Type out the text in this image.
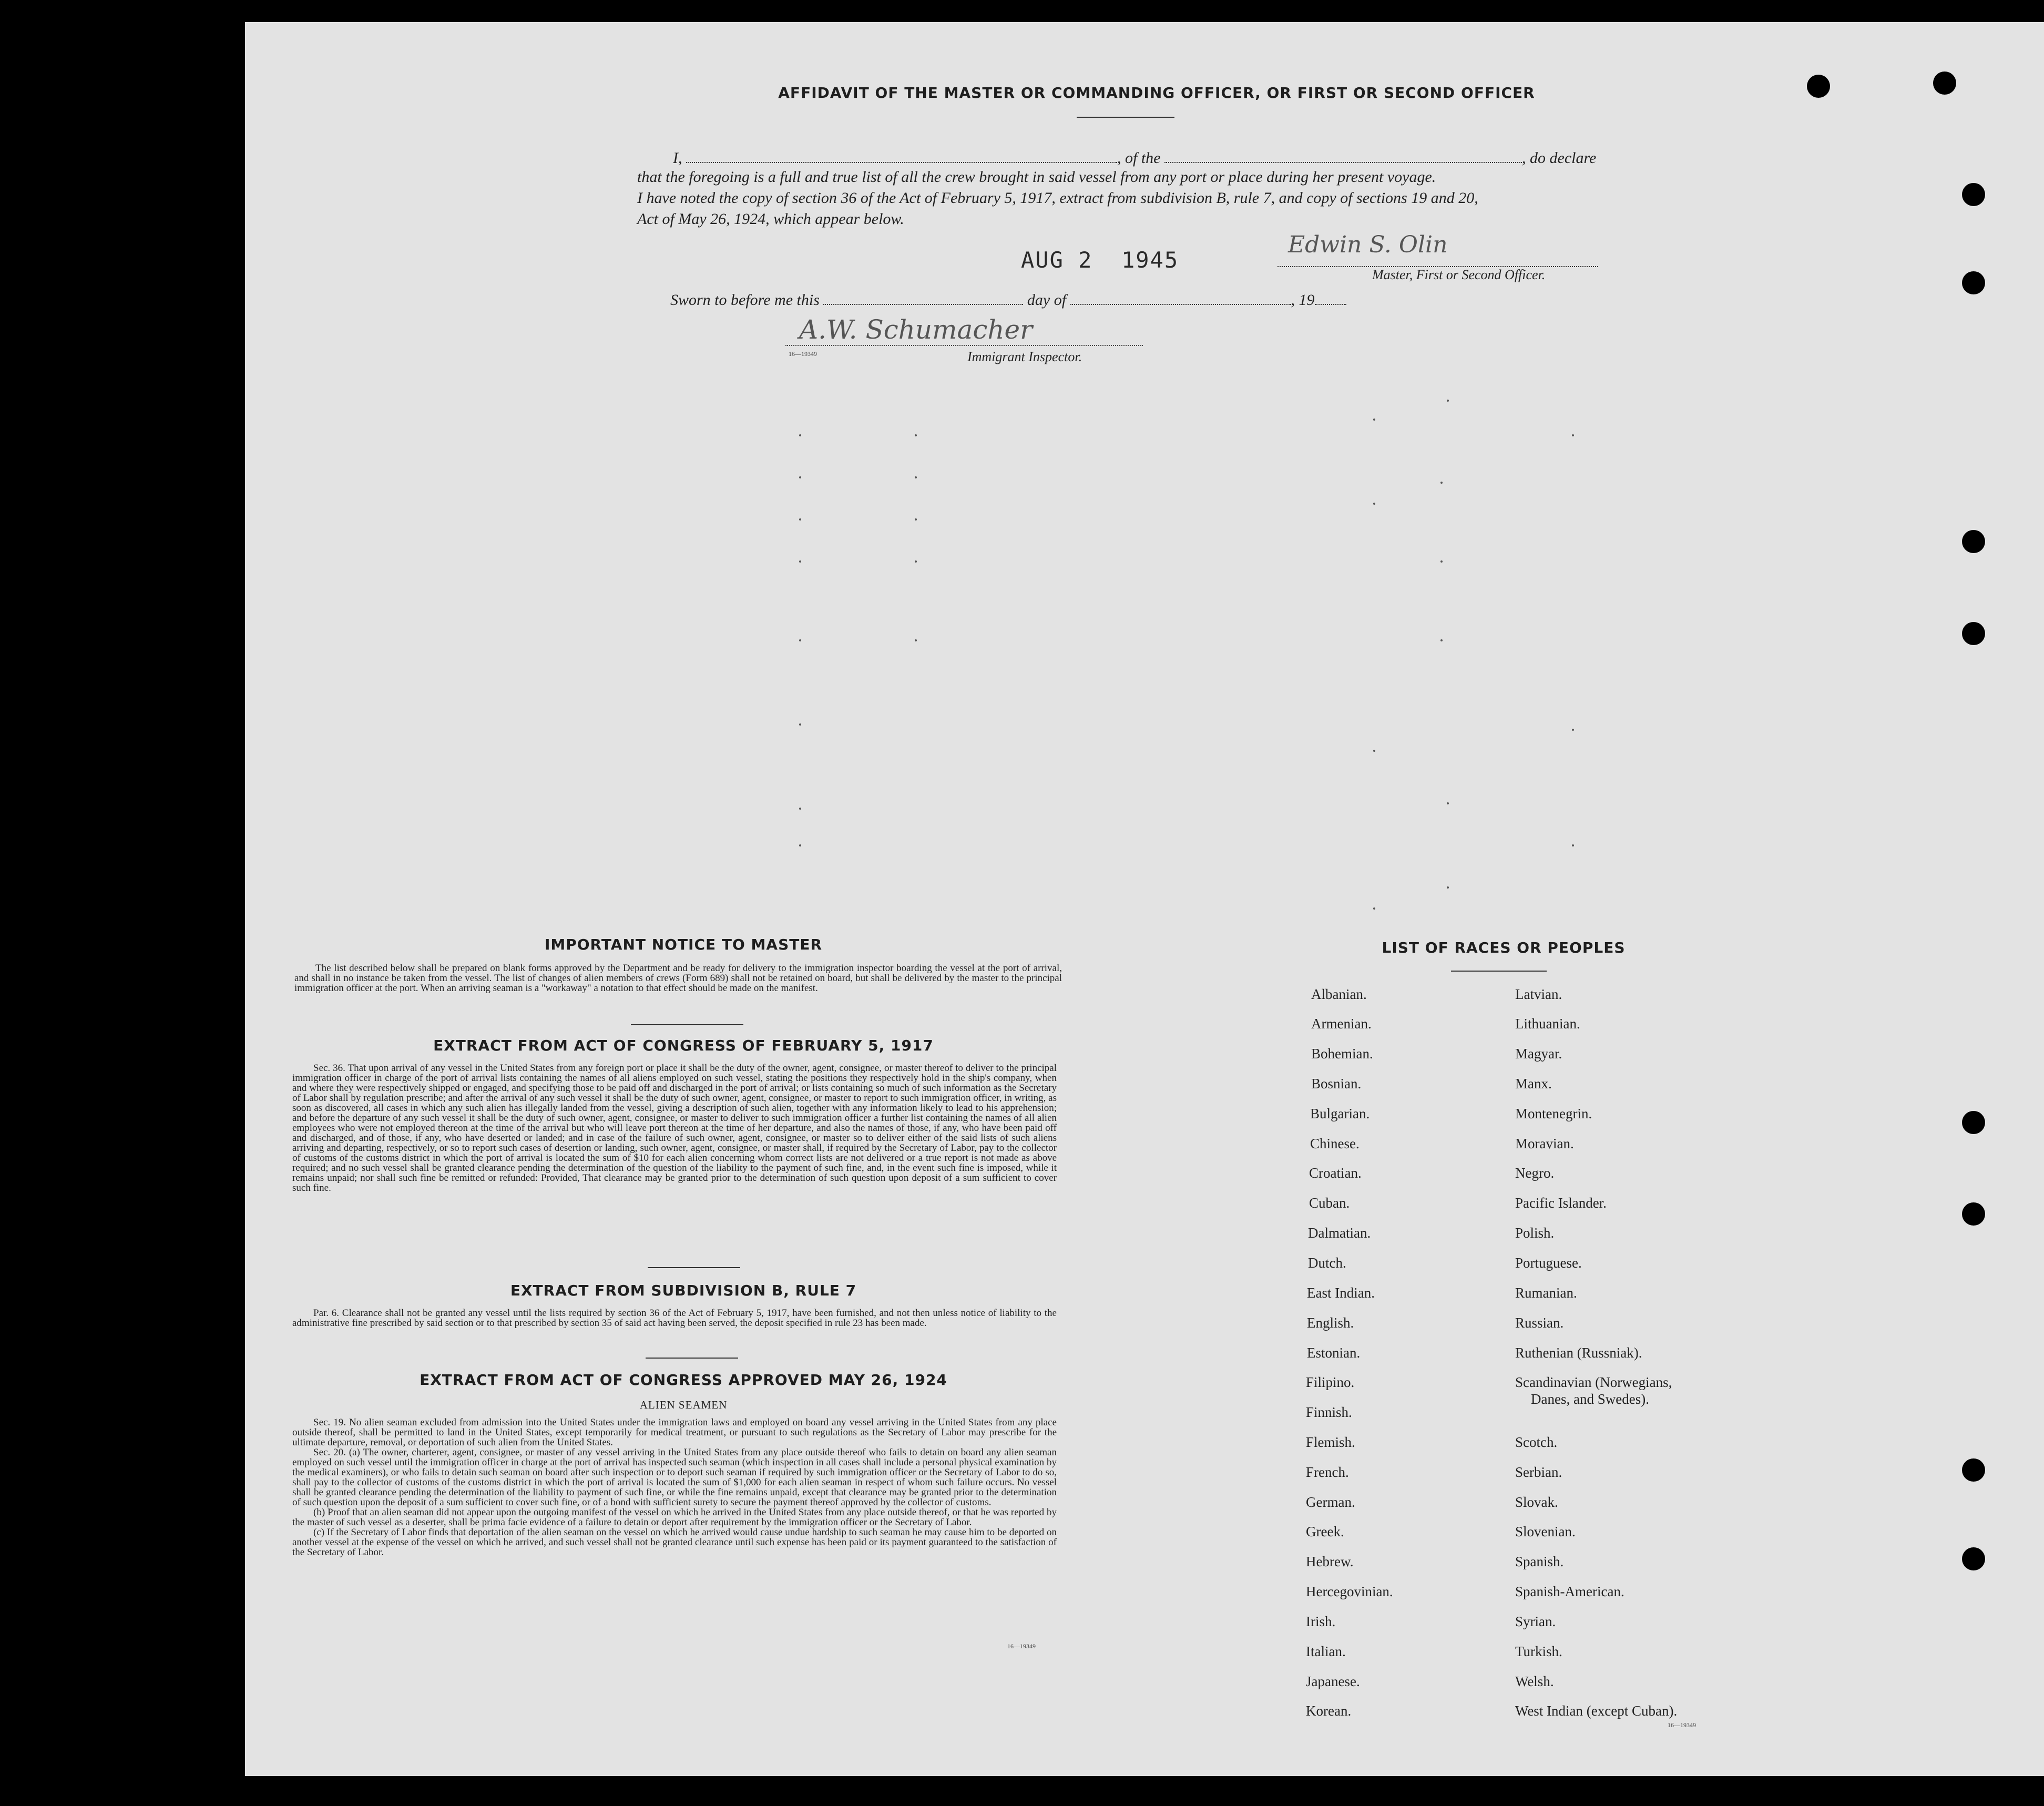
AFFIDAVIT OF THE MASTER OR COMMANDING OFFICER, OR FIRST OR SECOND OFFICER
I,	, of the	, do declare
that the foregoing is a full and true list of all the crew brought in said vessel from any port or place during her present voyage.
I have noted the copy of section 36 of the Act of February 5, 1917, extract from subdivision B, rule 7, and copy of sections 19 and 20,
Act of May 26, 1924, which appear below.
AUG 2  1945
Edwin S. Olin
Master, First or Second Officer.
Sworn to before me this	day of	, 19
A.W. Schumacher
16—19349	Immigrant Inspector.
IMPORTANT NOTICE TO MASTER

The list described below shall be prepared on blank forms approved by the Department and be ready for delivery to the immigration inspector boarding the vessel at the port of arrival, and shall in no instance be taken from the vessel. The list of changes of alien members of crews (Form 689) shall not be retained on board, but shall be delivered by the master to the principal immigration officer at the port. When an arriving seaman is a "workaway" a notation to that effect should be made on the manifest.

EXTRACT FROM ACT OF CONGRESS OF FEBRUARY 5, 1917

Sec. 36. That upon arrival of any vessel in the United States from any foreign port or place it shall be the duty of the owner, agent, consignee, or master thereof to deliver to the principal immigration officer in charge of the port of arrival lists containing the names of all aliens employed on such vessel, stating the positions they respectively hold in the ship's company, when and where they were respectively shipped or engaged, and specifying those to be paid off and discharged in the port of arrival; or lists containing so much of such information as the Secretary of Labor shall by regulation prescribe; and after the arrival of any such vessel it shall be the duty of such owner, agent, consignee, or master to report to such immigration officer, in writing, as soon as discovered, all cases in which any such alien has illegally landed from the vessel, giving a description of such alien, together with any information likely to lead to his apprehension; and before the departure of any such vessel it shall be the duty of such owner, agent, consignee, or master to deliver to such immigration officer a further list containing the names of all alien employees who were not employed thereon at the time of the arrival but who will leave port thereon at the time of her departure, and also the names of those, if any, who have been paid off and discharged, and of those, if any, who have deserted or landed; and in case of the failure of such owner, agent, consignee, or master so to deliver either of the said lists of such aliens arriving and departing, respectively, or so to report such cases of desertion or landing, such owner, agent, consignee, or master shall, if required by the Secretary of Labor, pay to the collector of customs of the customs district in which the port of arrival is located the sum of $10 for each alien concerning whom correct lists are not delivered or a true report is not made as above required; and no such vessel shall be granted clearance pending the determination of the question of the liability to the payment of such fine, and, in the event such fine is imposed, while it remains unpaid; nor shall such fine be remitted or refunded: Provided, That clearance may be granted prior to the determination of such question upon deposit of a sum sufficient to cover such fine.

EXTRACT FROM SUBDIVISION B, RULE 7

Par. 6. Clearance shall not be granted any vessel until the lists required by section 36 of the Act of February 5, 1917, have been furnished, and not then unless notice of liability to the administrative fine prescribed by said section or to that prescribed by section 35 of said act having been served, the deposit specified in rule 23 has been made.

EXTRACT FROM ACT OF CONGRESS APPROVED MAY 26, 1924
ALIEN SEAMEN

Sec. 19. No alien seaman excluded from admission into the United States under the immigration laws and employed on board any vessel arriving in the United States from any place outside thereof, shall be permitted to land in the United States, except temporarily for medical treatment, or pursuant to such regulations as the Secretary of Labor may prescribe for the ultimate departure, removal, or deportation of such alien from the United States.

Sec. 20. (a) The owner, charterer, agent, consignee, or master of any vessel arriving in the United States from any place outside thereof who fails to detain on board any alien seaman employed on such vessel until the immigration officer in charge at the port of arrival has inspected such seaman (which inspection in all cases shall include a personal physical examination by the medical examiners), or who fails to detain such seaman on board after such inspection or to deport such seaman if required by such immigration officer or the Secretary of Labor to do so, shall pay to the collector of customs of the customs district in which the port of arrival is located the sum of $1,000 for each alien seaman in respect of whom such failure occurs. No vessel shall be granted clearance pending the determination of the liability to payment of such fine, or while the fine remains unpaid, except that clearance may be granted prior to the determination of such question upon the deposit of a sum sufficient to cover such fine, or of a bond with sufficient surety to secure the payment thereof approved by the collector of customs.

(b) Proof that an alien seaman did not appear upon the outgoing manifest of the vessel on which he arrived in the United States from any place outside thereof, or that he was reported by the master of such vessel as a deserter, shall be prima facie evidence of a failure to detain or deport after requirement by the immigration officer or the Secretary of Labor.

(c) If the Secretary of Labor finds that deportation of the alien seaman on the vessel on which he arrived would cause undue hardship to such seaman he may cause him to be deported on another vessel at the expense of the vessel on which he arrived, and such vessel shall not be granted clearance until such expense has been paid or its payment guaranteed to the satisfaction of the Secretary of Labor.

16—19349
LIST OF RACES OR PEOPLES
Albanian.
Armenian.
Bohemian.
Bosnian.
Bulgarian.
Chinese.
Croatian.
Cuban.
Dalmatian.
Dutch.
East Indian.
English.
Estonian.
Filipino.
Finnish.
Flemish.
French.
German.
Greek.
Hebrew.
Hercegovinian.
Irish.
Italian.
Japanese.
Korean.
Latvian.
Lithuanian.
Magyar.
Manx.
Montenegrin.
Moravian.
Negro.
Pacific Islander.
Polish.
Portuguese.
Rumanian.
Russian.
Ruthenian (Russniak).
Scandinavian (Norwegians,
Danes, and Swedes).
Scotch.
Serbian.
Slovak.
Slovenian.
Spanish.
Spanish-American.
Syrian.
Turkish.
Welsh.
West Indian (except Cuban).
16—19349
